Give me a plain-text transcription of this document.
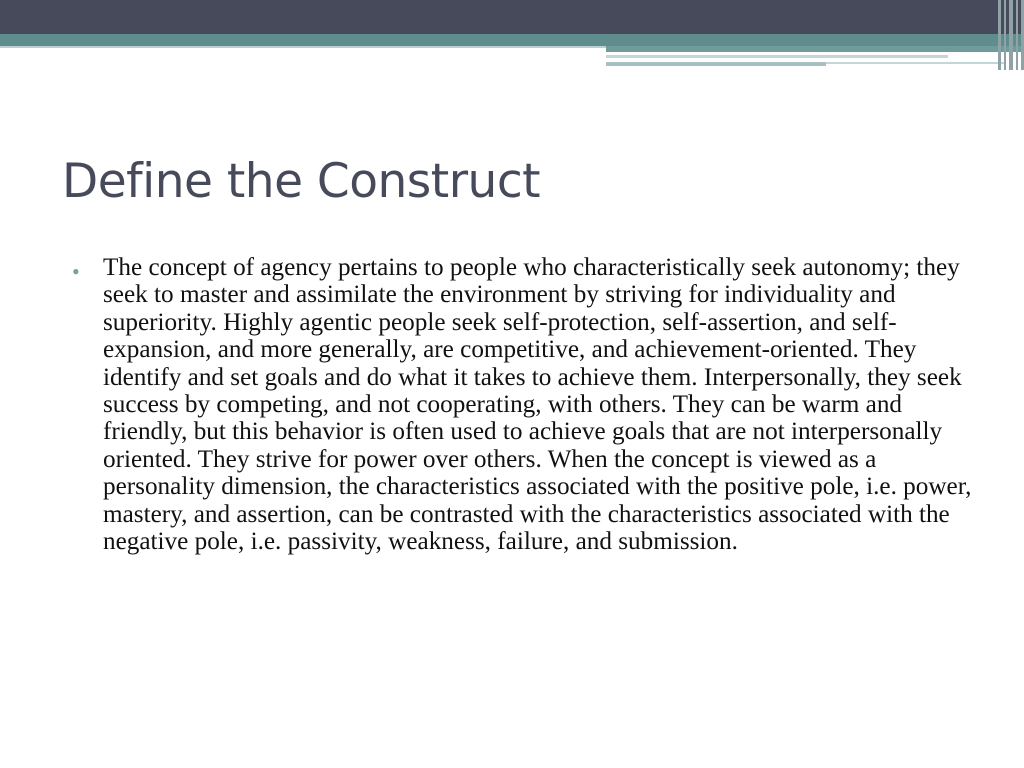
Define the Construct
• The concept of agency pertains to people who characteristically seek autonomy; they seek to master and assimilate the environment by striving for individuality and superiority. Highly agentic people seek self-protection, self-assertion, and self-expansion, and more generally, are competitive, and achievement-oriented. They identify and set goals and do what it takes to achieve them. Interpersonally, they seek success by competing, and not cooperating, with others. They can be warm and friendly, but this behavior is often used to achieve goals that are not interpersonally oriented. They strive for power over others. When the concept is viewed as a personality dimension, the characteristics associated with the positive pole, i.e. power, mastery, and assertion, can be contrasted with the characteristics associated with the negative pole, i.e. passivity, weakness, failure, and submission.
